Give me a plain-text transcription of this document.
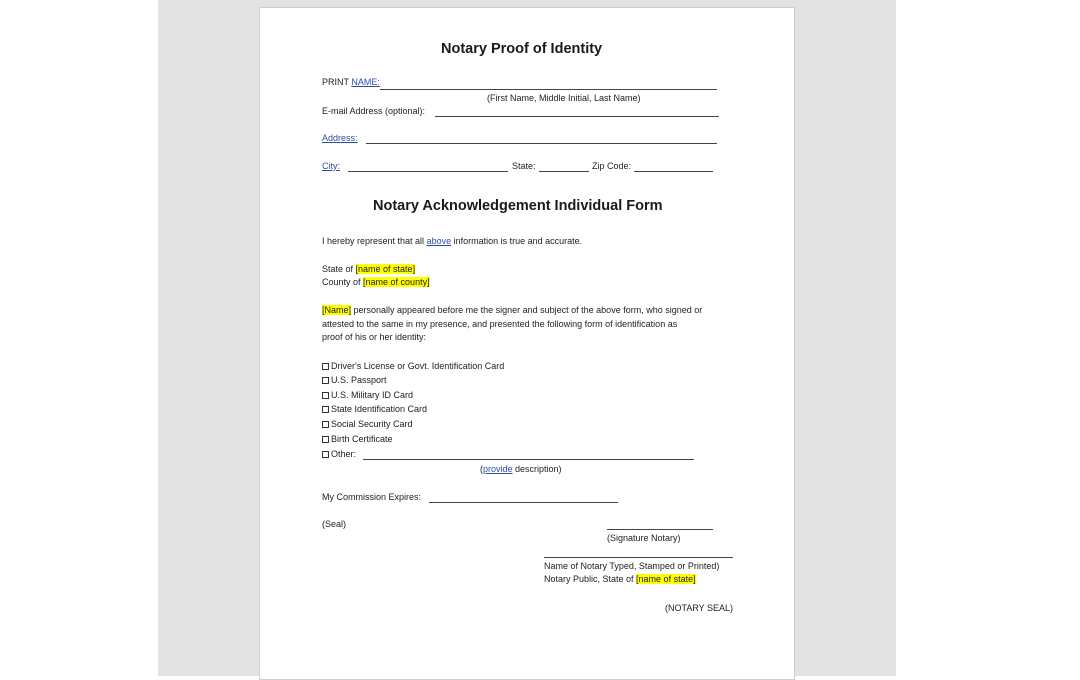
Notary Proof of Identity
PRINT NAME:
(First Name, Middle Initial, Last Name)
E-mail Address (optional):
Address:
City:	State:	Zip Code:
Notary Acknowledgement Individual Form
I hereby represent that all above information is true and accurate.
State of [name of state]
County of [name of county]
[Name] personally appeared before me the signer and subject of the above form, who signed or
attested to the same in my presence, and presented the following form of identification as
proof of his or her identity:
Driver's License or Govt. Identification Card
U.S. Passport
U.S. Military ID Card
State Identification Card
Social Security Card
Birth Certificate
Other:
(provide description)
My Commission Expires:
(Seal)
(Signature Notary)
Name of Notary Typed, Stamped or Printed)
Notary Public, State of [name of state]
(NOTARY SEAL)
